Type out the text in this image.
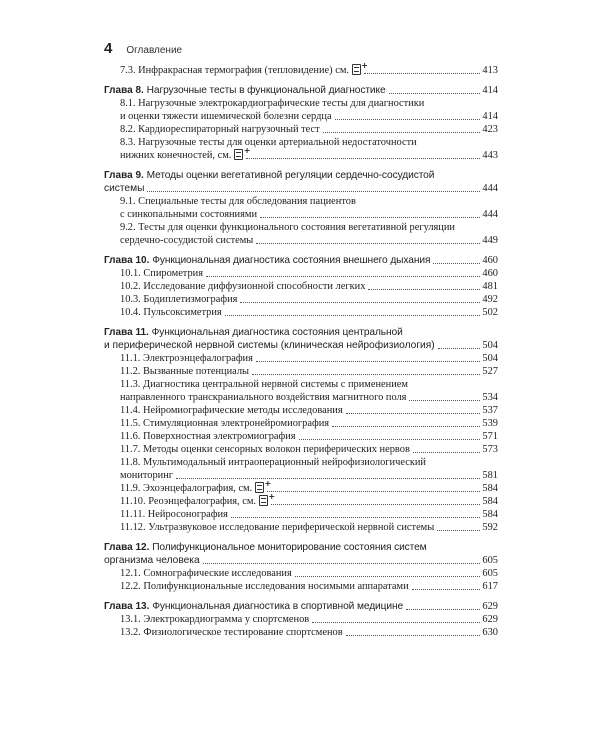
4 Оглавление
7.3. Инфракрасная термография (тепловидение) см. +	413
Глава 8. Нагрузочные тесты в функциональной диагностике	414
8.1. Нагрузочные электрокардиографические тесты для диагностики
и оценки тяжести ишемической болезни сердца	414
8.2. Кардиореспираторный нагрузочный тест	423
8.3. Нагрузочные тесты для оценки артериальной недостаточности
нижних конечностей, см. +	443
Глава 9. Методы оценки вегетативной регуляции сердечно-сосудистой
системы	444
9.1. Специальные тесты для обследования пациентов
с синкопальными состояниями	444
9.2. Тесты для оценки функционального состояния вегетативной регуляции
сердечно-сосудистой системы	449
Глава 10. Функциональная диагностика состояния внешнего дыхания	460
10.1. Спирометрия	460
10.2. Исследование диффузионной способности легких	481
10.3. Бодиплетизмография	492
10.4. Пульсоксиметрия	502
Глава 11. Функциональная диагностика состояния центральной
и периферической нервной системы (клиническая нейрофизиология)	504
11.1. Электроэнцефалография	504
11.2. Вызванные потенциалы	527
11.3. Диагностика центральной нервной системы с применением
направленного транскраниального воздействия магнитного поля	534
11.4. Нейромиографические методы исследования	537
11.5. Стимуляционная электронейромиография	539
11.6. Поверхностная электромиография	571
11.7. Методы оценки сенсорных волокон периферических нервов	573
11.8. Мультимодальный интраоперационный нейрофизиологический
мониторинг	581
11.9. Эхоэнцефалография, см. +	584
11.10. Реоэнцефалография, см. +	584
11.11. Нейросонография	584
11.12. Ультразвуковое исследование периферической нервной системы	592
Глава 12. Полифункциональное мониторирование состояния систем
организма человека	605
12.1. Сомнографические исследования	605
12.2. Полифункциональные исследования носимыми аппаратами	617
Глава 13. Функциональная диагностика в спортивной медицине	629
13.1. Электрокардиограмма у спортсменов	629
13.2. Физиологическое тестирование спортсменов	630
